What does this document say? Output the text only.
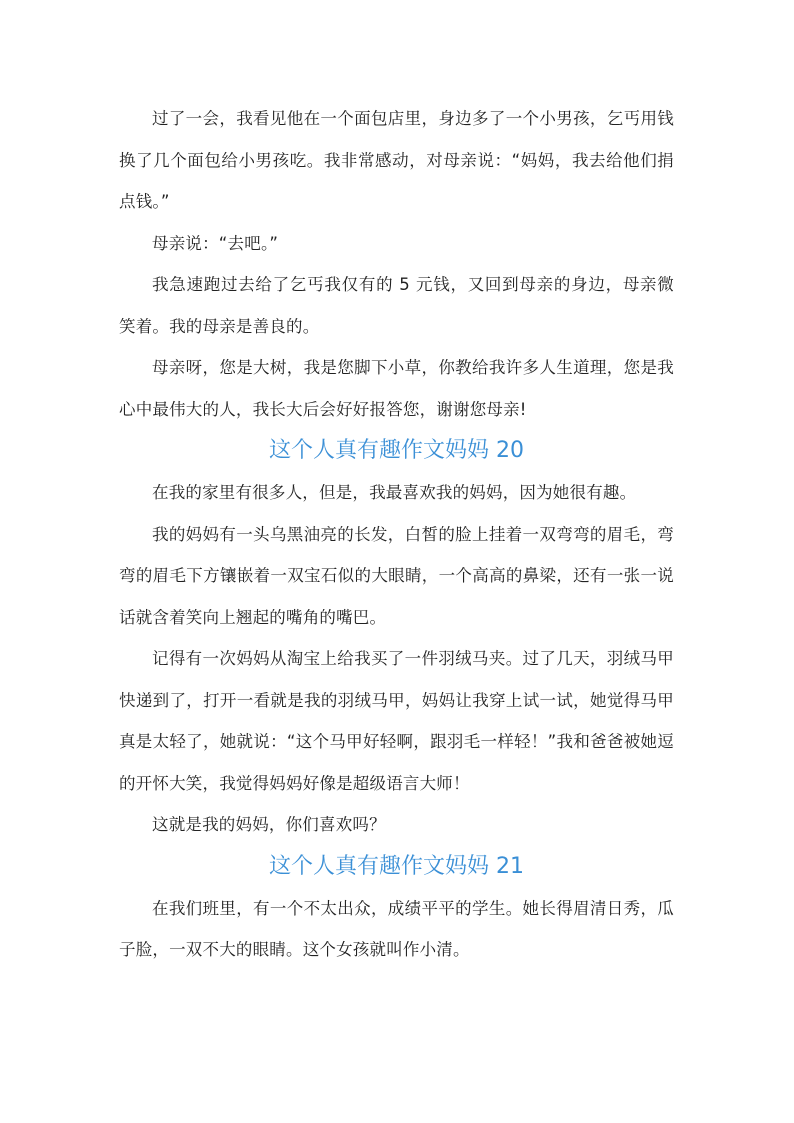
过了一会，我看见他在一个面包店里，身边多了一个小男孩，乞丐用钱换了几个面包给小男孩吃。我非常感动，对母亲说：“妈妈，我去给他们捐点钱。”

母亲说：“去吧。”

我急速跑过去给了乞丐我仅有的 5 元钱，又回到母亲的身边，母亲微笑着。我的母亲是善良的。

母亲呀，您是大树，我是您脚下小草，你教给我许多人生道理，您是我心中最伟大的人，我长大后会好好报答您，谢谢您母亲!

这个人真有趣作文妈妈 20

在我的家里有很多人，但是，我最喜欢我的妈妈，因为她很有趣。

我的妈妈有一头乌黑油亮的长发，白皙的脸上挂着一双弯弯的眉毛，弯弯的眉毛下方镶嵌着一双宝石似的大眼睛，一个高高的鼻梁，还有一张一说话就含着笑向上翘起的嘴角的嘴巴。

记得有一次妈妈从淘宝上给我买了一件羽绒马夹。过了几天，羽绒马甲快递到了，打开一看就是我的羽绒马甲，妈妈让我穿上试一试，她觉得马甲真是太轻了，她就说：“这个马甲好轻啊，跟羽毛一样轻！”我和爸爸被她逗的开怀大笑，我觉得妈妈好像是超级语言大师！

这就是我的妈妈，你们喜欢吗？

这个人真有趣作文妈妈 21

在我们班里，有一个不太出众，成绩平平的学生。她长得眉清日秀，瓜子脸，一双不大的眼睛。这个女孩就叫作小清。
